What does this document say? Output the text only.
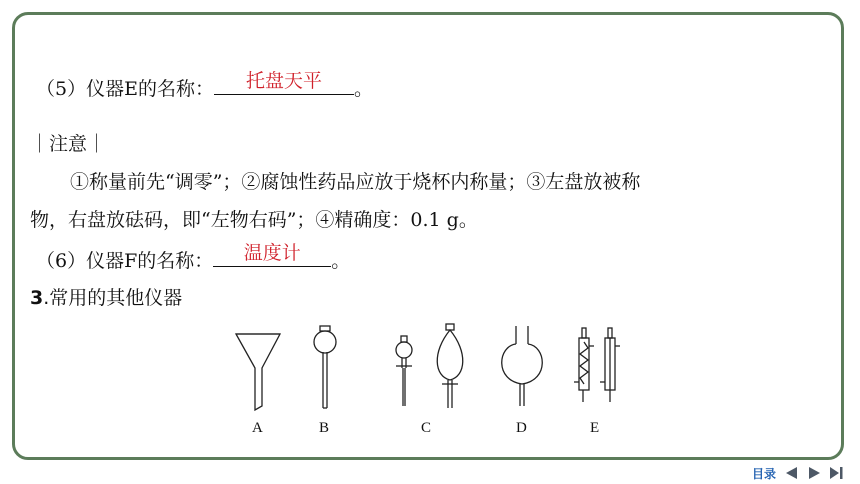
（5）仪器E的名称：	托盘天平	。
｜注意｜
①称量前先“调零”；②腐蚀性药品应放于烧杯内称量；③左盘放被称
物，右盘放砝码，即“左物右码”；④精确度：0.1 g。
（6）仪器F的名称：	温度计	。
3.常用的其他仪器
A	B	C	D	E
目录
